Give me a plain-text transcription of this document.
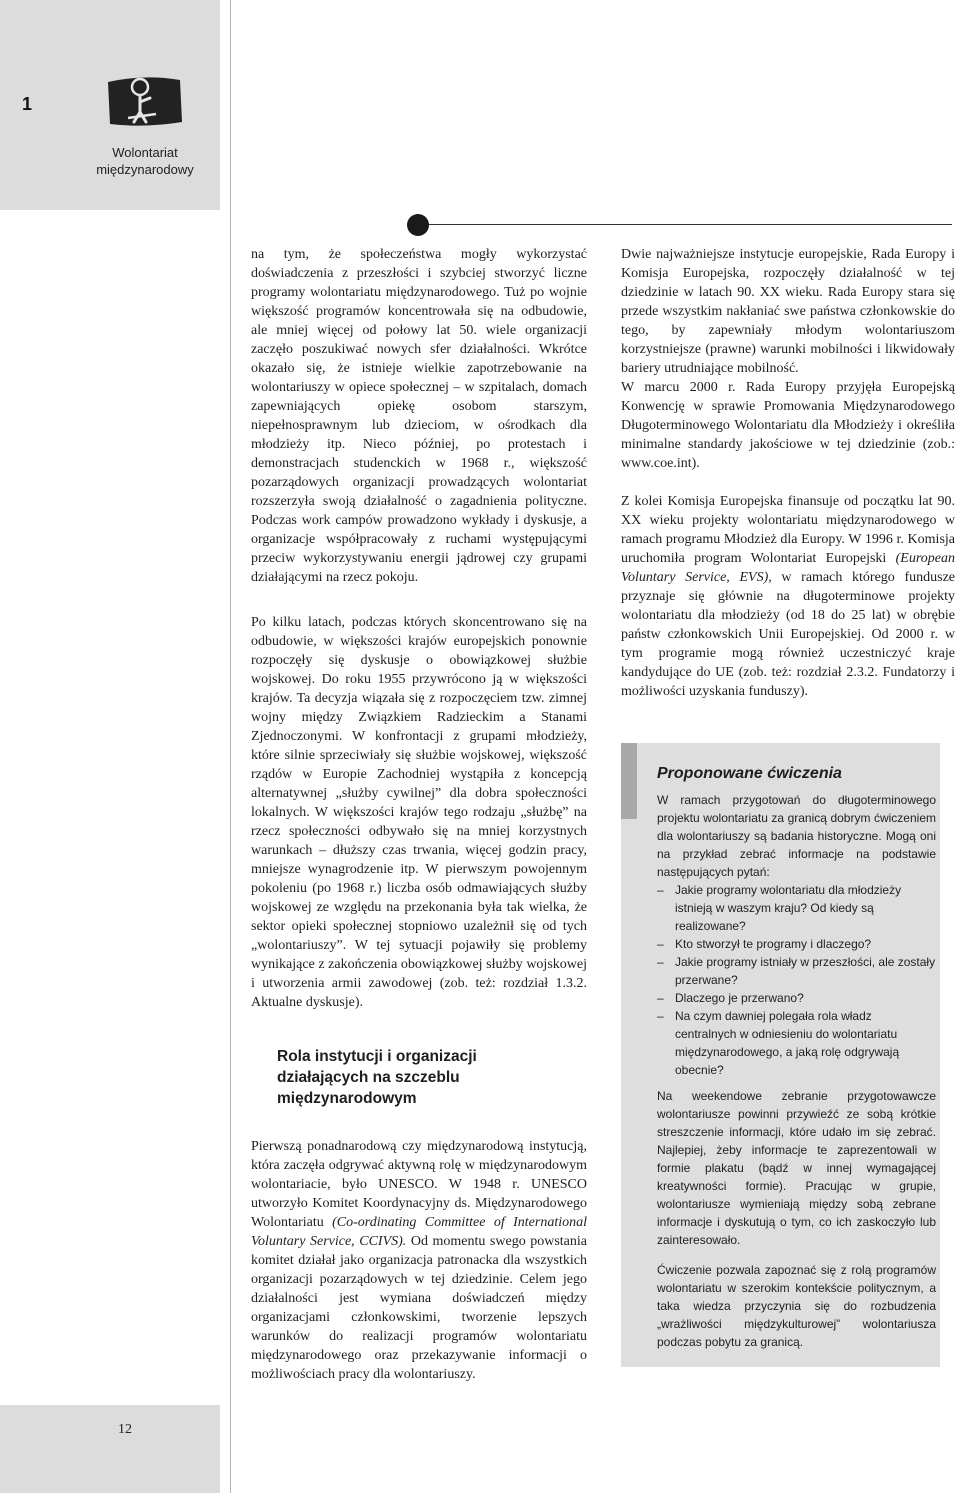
1
Wolontariat
międzynarodowy
12

na tym, że społeczeństwa mogły wykorzystać doświadczenia z przeszłości i szybciej stworzyć liczne programy wolontariatu międzynarodowego. Tuż po wojnie większość programów koncentrowała się na odbudowie, ale mniej więcej od połowy lat 50. wiele organizacji zaczęło poszukiwać nowych sfer działalności. Wkrótce okazało się, że istnieje wielkie zapotrzebowanie na wolontariuszy w opiece społecznej – w szpitalach, domach zapewniających opiekę osobom starszym, niepełnosprawnym lub dzieciom, w ośrodkach dla młodzieży itp. Nieco później, po protestach i demonstracjach studenckich w 1968 r., większość pozarządowych organizacji prowadzących wolontariat rozszerzyła swoją działalność o zagadnienia polityczne. Podczas work campów prowadzono wykłady i dyskusje, a organizacje współpracowały z ruchami występującymi przeciw wykorzystywaniu energii jądrowej czy grupami działającymi na rzecz pokoju.

Po kilku latach, podczas których skoncentrowano się na odbudowie, w większości krajów europejskich ponownie rozpoczęły się dyskusje o obowiązkowej służbie wojskowej. Do roku 1955 przywrócono ją w większości krajów. Ta decyzja wiązała się z rozpoczęciem tzw. zimnej wojny między Związkiem Radzieckim a Stanami Zjednoczonymi. W konfrontacji z grupami młodzieży, które silnie sprzeciwiały się służbie wojskowej, większość rządów w Europie Zachodniej wystąpiła z koncepcją alternatywnej „służby cywilnej” dla dobra społeczności lokalnych. W większości krajów tego rodzaju „służbę” na rzecz społeczności odbywało się na mniej korzystnych warunkach – dłuższy czas trwania, więcej godzin pracy, mniejsze wynagrodzenie itp. W pierwszym powojennym pokoleniu (po 1968 r.) liczba osób odmawiających służby wojskowej ze względu na przekonania była tak wielka, że sektor opieki społecznej stopniowo uzależnił się od tych „wolontariuszy”. W tej sytuacji pojawiły się problemy wynikające z zakończenia obowiązkowej służby wojskowej i utworzenia armii zawodowej (zob. też: rozdział 1.3.2. Aktualne dyskusje).

Rola instytucji i organizacji
działających na szczeblu
międzynarodowym

Pierwszą ponadnarodową czy międzynarodową instytucją, która zaczęła odgrywać aktywną rolę w międzynarodowym wolontariacie, było UNESCO. W 1948 r. UNESCO utworzyło Komitet Koordynacyjny ds. Międzynarodowego Wolontariatu (Co-ordinating Committee of International Voluntary Service, CCIVS). Od momentu swego powstania komitet działał jako organizacja patronacka dla wszystkich organizacji pozarządowych w tej dziedzinie. Celem jego działalności jest wymiana doświadczeń między organizacjami członkowskimi, tworzenie lepszych warunków do realizacji programów wolontariatu międzynarodowego oraz przekazywanie informacji o możliwościach pracy dla wolontariuszy.

Dwie najważniejsze instytucje europejskie, Rada Europy i Komisja Europejska, rozpoczęły działalność w tej dziedzinie w latach 90. XX wieku. Rada Europy stara się przede wszystkim nakłaniać swe państwa członkowskie do tego, by zapewniały młodym wolontariuszom korzystniejsze (prawne) warunki mobilności i likwidowały bariery utrudniające mobilność.

W marcu 2000 r. Rada Europy przyjęła Europejską Konwencję w sprawie Promowania Międzynarodowego Długoterminowego Wolontariatu dla Młodzieży i określiła minimalne standardy jakościowe w tej dziedzinie (zob.: www.coe.int).

Z kolei Komisja Europejska finansuje od początku lat 90. XX wieku projekty wolontariatu międzynarodowego w ramach programu Młodzież dla Europy. W 1996 r. Komisja uruchomiła program Wolontariat Europejski (European Voluntary Service, EVS), w ramach którego fundusze przyznaje się głównie na długoterminowe projekty wolontariatu dla młodzieży (od 18 do 25 lat) w obrębie państw członkowskich Unii Europejskiej. Od 2000 r. w tym programie mogą również uczestniczyć kraje kandydujące do UE (zob. też: rozdział 2.3.2. Fundatorzy i możliwości uzyskania funduszy).

Proponowane ćwiczenia

W ramach przygotowań do długoterminowego projektu wolontariatu za granicą dobrym ćwiczeniem dla wolontariuszy są badania historyczne. Mogą oni na przykład zebrać informacje na podstawie następujących pytań:

– Jakie programy wolontariatu dla młodzieży istnieją w waszym kraju? Od kiedy są realizowane?
– Kto stworzył te programy i dlaczego?
– Jakie programy istniały w przeszłości, ale zostały przerwane?
– Dlaczego je przerwano?
– Na czym dawniej polegała rola władz centralnych w odniesieniu do wolontariatu międzynarodowego, a jaką rolę odgrywają obecnie?

Na weekendowe zebranie przygotowawcze wolontariusze powinni przywieźć ze sobą krótkie streszczenie informacji, które udało im się zebrać. Najlepiej, żeby informacje te zaprezentowali w formie plakatu (bądź w innej wymagającej kreatywności formie). Pracując w grupie, wolontariusze wymieniają między sobą zebrane informacje i dyskutują o tym, co ich zaskoczyło lub zainteresowało.

Ćwiczenie pozwala zapoznać się z rolą programów wolontariatu w szerokim kontekście politycznym, a taka wiedza przyczynia się do rozbudzenia „wrażliwości międzykulturowej” wolontariusza podczas pobytu za granicą.
